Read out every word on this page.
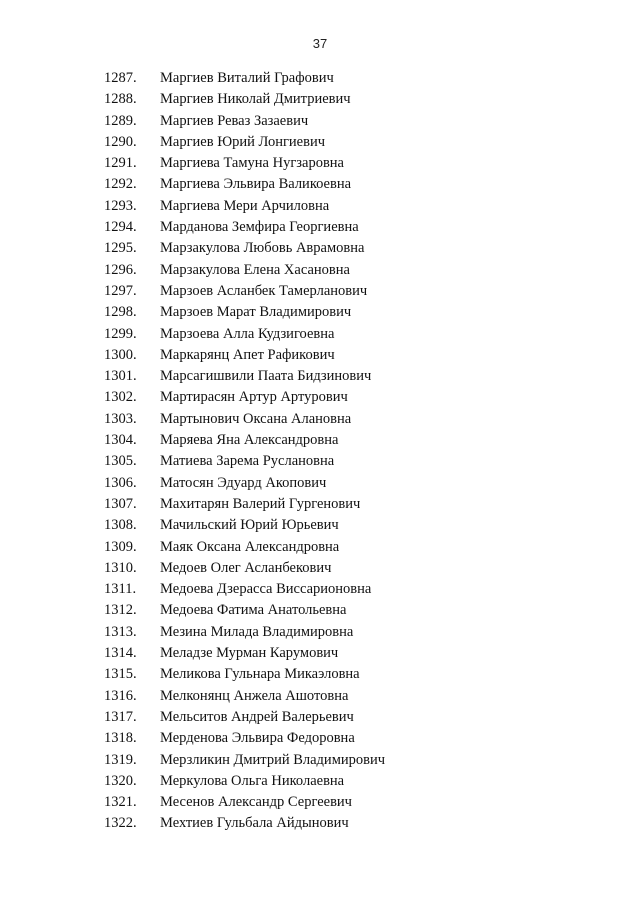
37
1287. Маргиев Виталий Графович
1288. Маргиев Николай Дмитриевич
1289. Маргиев Реваз Зазаевич
1290. Маргиев Юрий Лонгиевич
1291. Маргиева Тамуна Нугзаровна
1292. Маргиева Эльвира Валикоевна
1293. Маргиева Мери Арчиловна
1294. Марданова Земфира Георгиевна
1295. Марзакулова Любовь Аврамовна
1296. Марзакулова Елена Хасановна
1297. Марзоев Асланбек Тамерланович
1298. Марзоев Марат Владимирович
1299. Марзоева Алла Кудзигоевна
1300. Маркарянц Апет Рафикович
1301. Марсагишвили Паата Бидзинович
1302. Мартирасян Артур Артурович
1303. Мартынович Оксана Алановна
1304. Маряева Яна Александровна
1305. Матиева Зарема Руслановна
1306. Матосян Эдуард Акопович
1307. Махитарян Валерий Гургенович
1308. Мачильский Юрий Юрьевич
1309. Маяк Оксана Александровна
1310. Медоев Олег Асланбекович
1311. Медоева Дзерасса Виссарионовна
1312. Медоева Фатима Анатольевна
1313. Мезина Милада Владимировна
1314. Меладзе Мурман Карумович
1315. Меликова Гульнара Микаэловна
1316. Мелконянц Анжела Ашотовна
1317. Мельситов Андрей Валерьевич
1318. Мерденова Эльвира Федоровна
1319. Мерзликин Дмитрий Владимирович
1320. Меркулова Ольга Николаевна
1321. Месенов Александр Сергеевич
1322. Мехтиев Гульбала Айдынович
